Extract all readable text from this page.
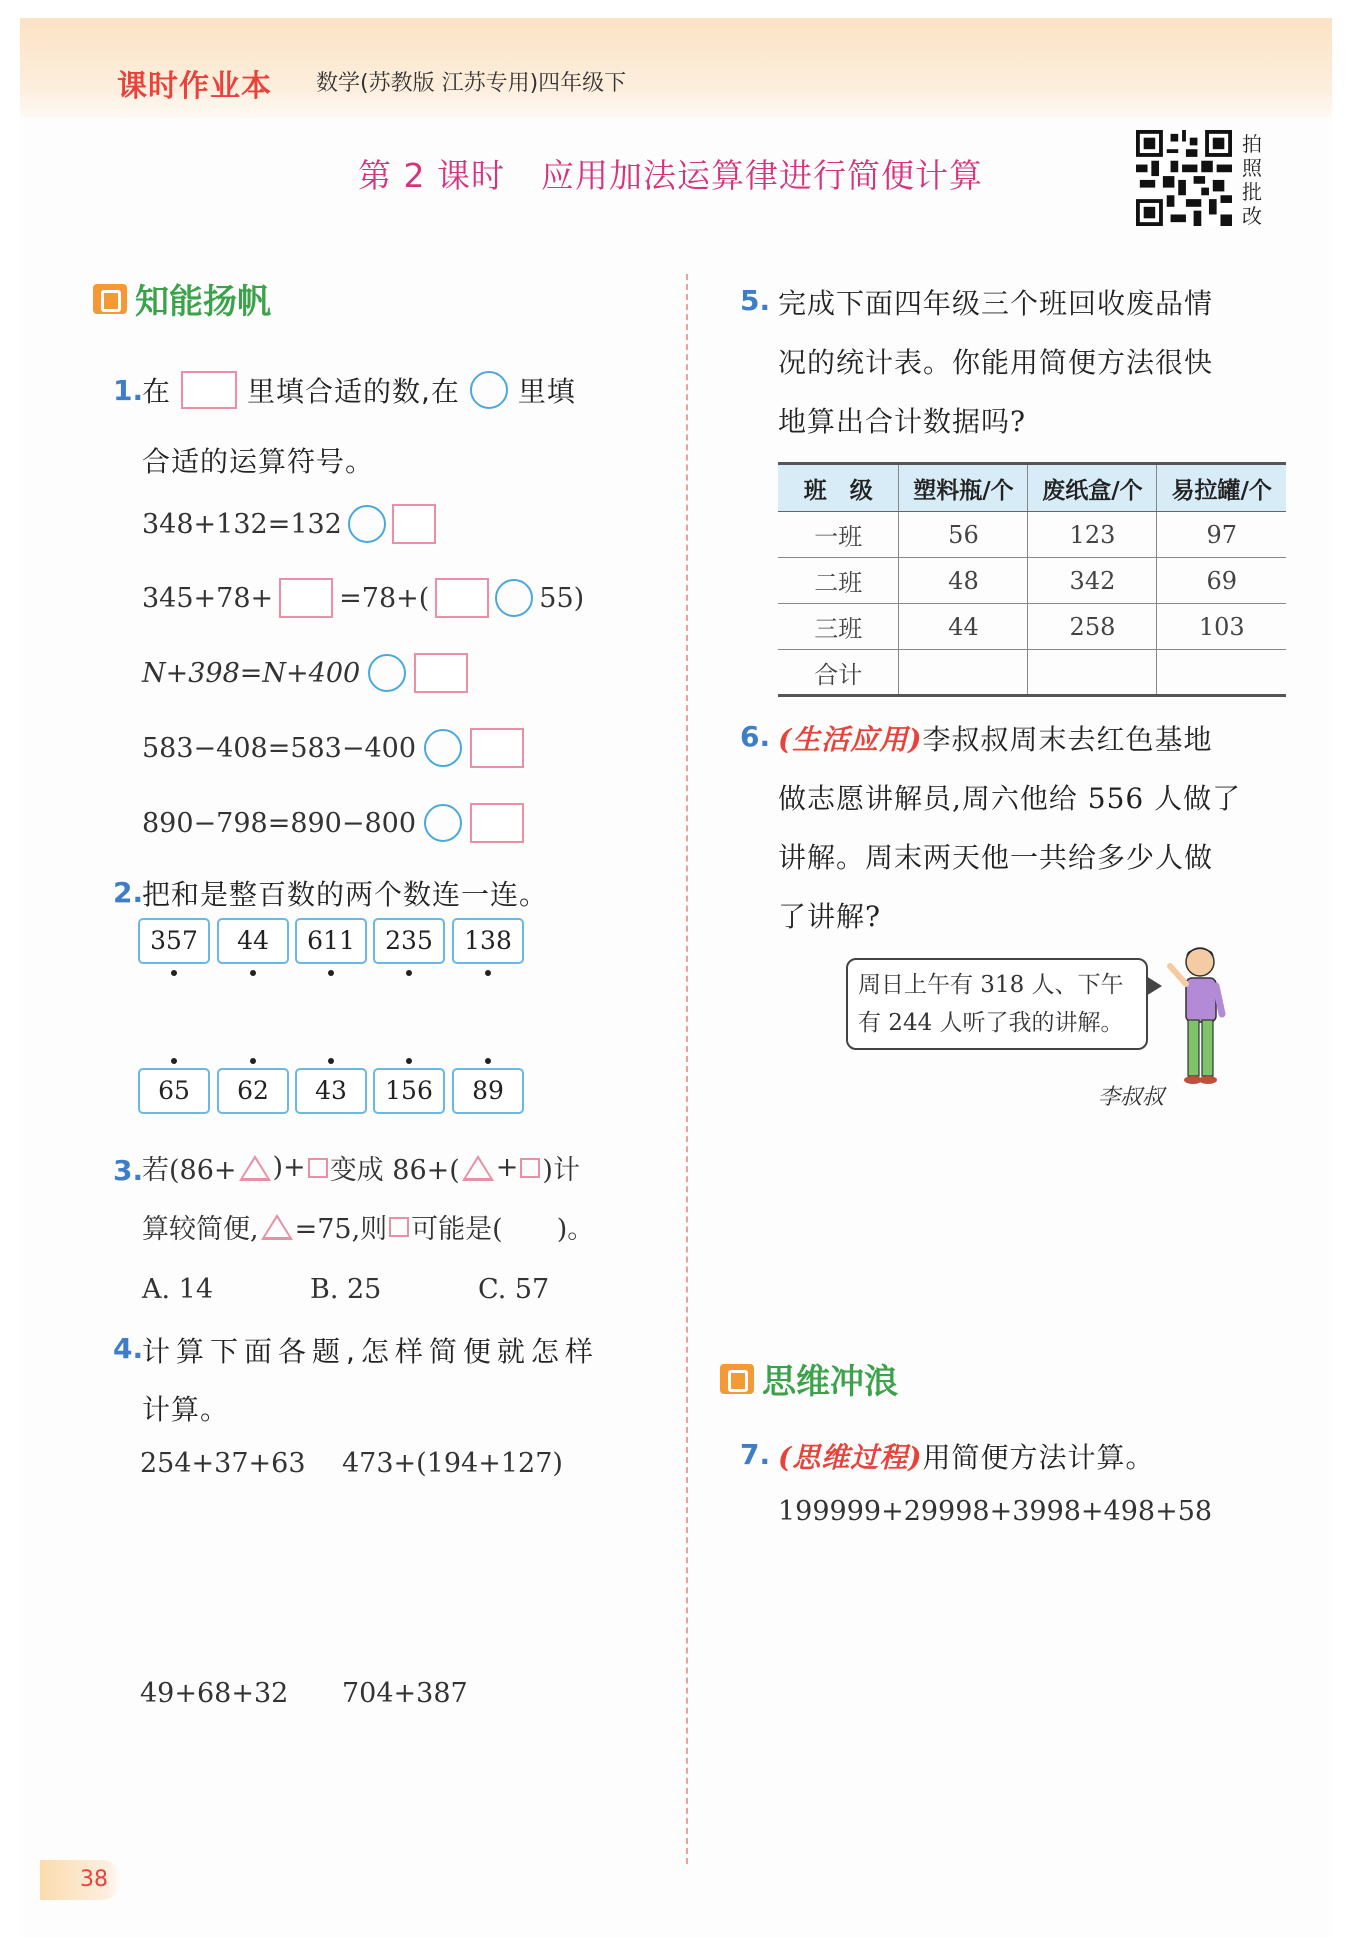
课时作业本 数学(苏教版 江苏专用)四年级下
第 2 课时 应用加法运算律进行简便计算
拍照批改
知能扬帆
1.
在	里填合适的数,在 里填
合适的运算符号。
348+132=132
345+78+ =78+(	55)
N+398=N+400
583−408=583−400
890−798=890−800
2.
把和是整百数的两个数连一连。
357	44	611	235	138
65	62	43	156	89
3.
若(86+ )+ 变成 86+( + )计
算较简便, =75,则 可能是(　　)。
A. 14	B. 25	C. 57
4.
计算下面各题,怎样简便就怎样
计算。
254+37+63 473+(194+127)
49+68+32 704+387
5. 完成下面四年级三个班回收废品情
况的统计表。你能用简便方法很快
地算出合计数据吗?
班　级	塑料瓶/个	废纸盒/个	易拉罐/个
一班	56	123	97
二班	48	342	69
三班	44	258	103
合计			
6. (生活应用)李叔叔周末去红色基地
做志愿讲解员,周六他给 556 人做了
讲解。周末两天他一共给多少人做
了讲解?
周日上午有 318 人、下午
有 244 人听了我的讲解。
李叔叔
思维冲浪
7. (思维过程)用简便方法计算。
199999+29998+3998+498+58
38
